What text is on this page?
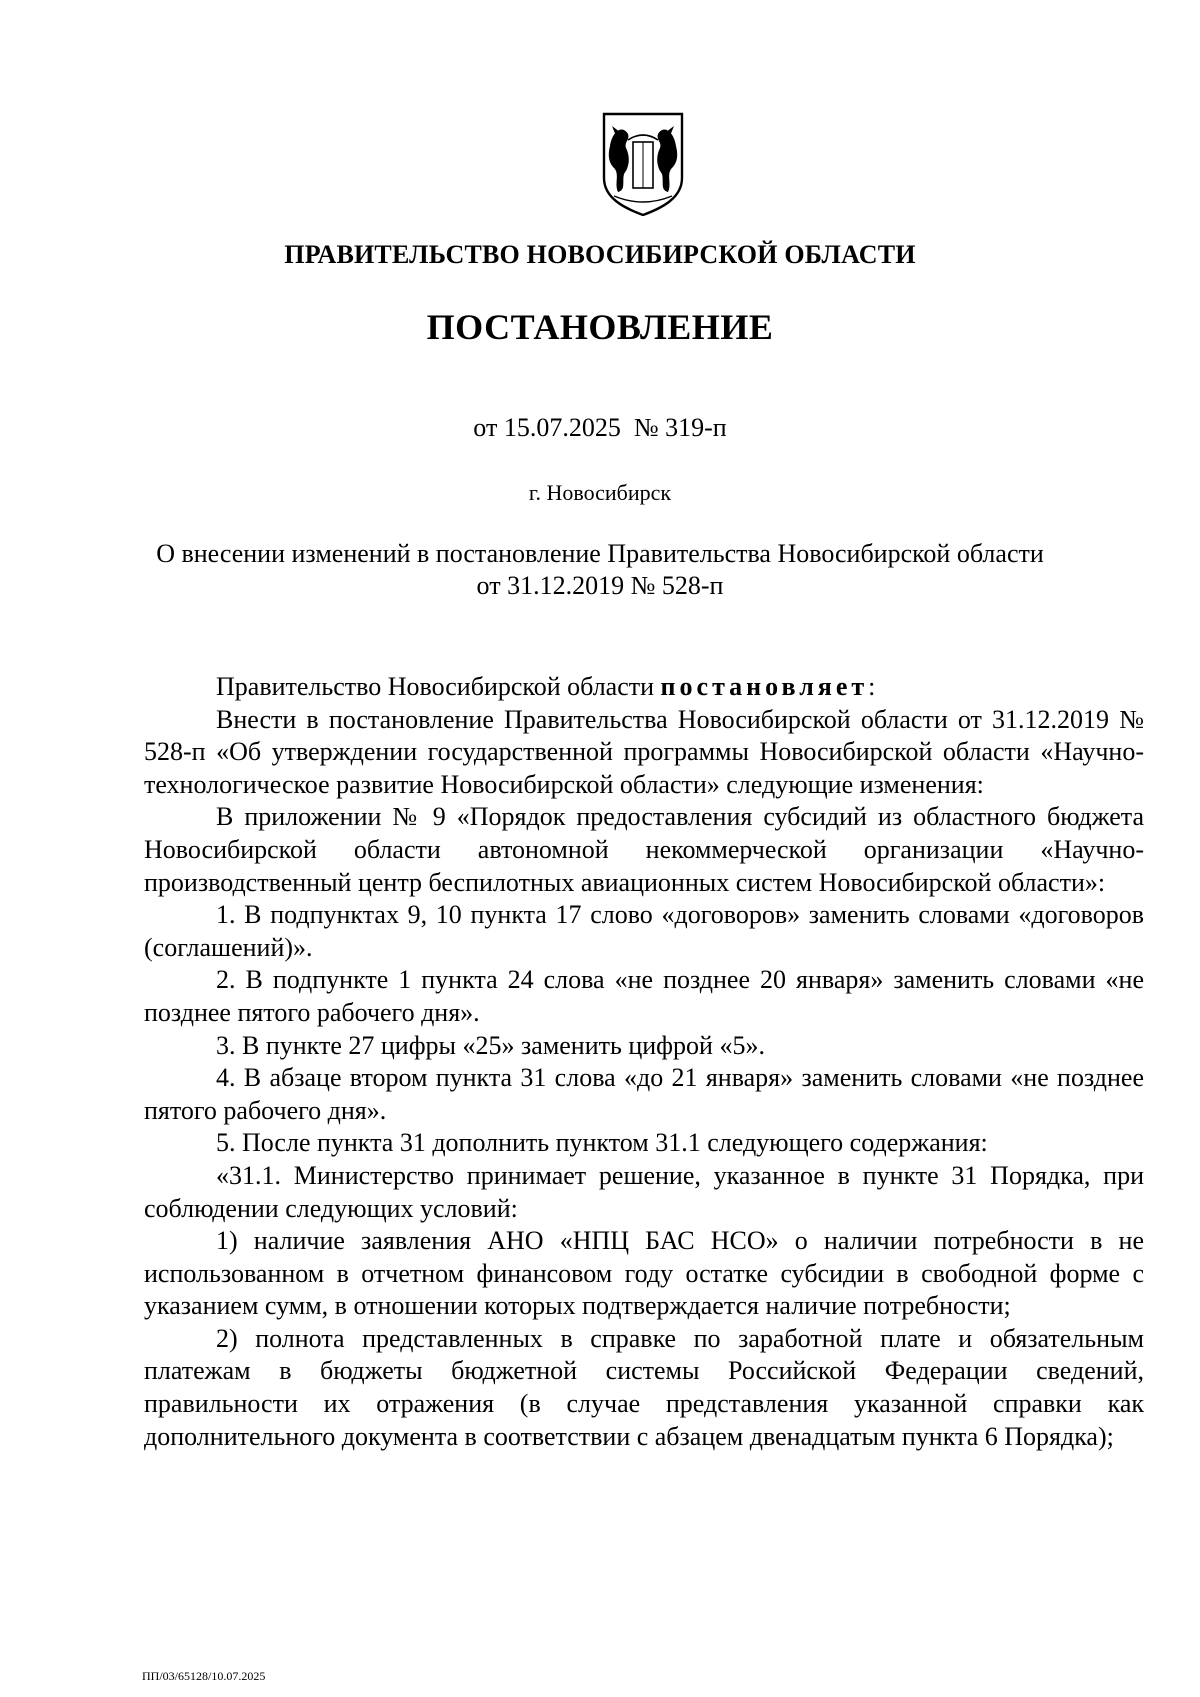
ПРАВИТЕЛЬСТВО НОВОСИБИРСКОЙ ОБЛАСТИ
ПОСТАНОВЛЕНИЕ
от 15.07.2025 № 319-п
г. Новосибирск
О внесении изменений в постановление Правительства Новосибирской области
от 31.12.2019 № 528-п

Правительство Новосибирской области постановляет:

Внести в постановление Правительства Новосибирской области от 31.12.2019 № 528-п «Об утверждении государственной программы Новосибирской области «Научно-технологическое развитие Новосибирской области» следующие изменения:

В приложении № 9 «Порядок предоставления субсидий из областного бюджета Новосибирской области автономной некоммерческой организации «Научно-производственный центр беспилотных авиационных систем Новосибирской области»:

1. В подпунктах 9, 10 пункта 17 слово «договоров» заменить словами «договоров (соглашений)».

2. В подпункте 1 пункта 24 слова «не позднее 20 января» заменить словами «не позднее пятого рабочего дня».

3. В пункте 27 цифры «25» заменить цифрой «5».

4. В абзаце втором пункта 31 слова «до 21 января» заменить словами «не позднее пятого рабочего дня».

5. После пункта 31 дополнить пунктом 31.1 следующего содержания:

«31.1. Министерство принимает решение, указанное в пункте 31 Порядка, при соблюдении следующих условий:

1) наличие заявления АНО «НПЦ БАС НСО» о наличии потребности в не использованном в отчетном финансовом году остатке субсидии в свободной форме с указанием сумм, в отношении которых подтверждается наличие потребности;

2) полнота представленных в справке по заработной плате и обязательным платежам в бюджеты бюджетной системы Российской Федерации сведений, правильности их отражения (в случае представления указанной справки как дополнительного документа в соответствии с абзацем двенадцатым пункта 6 Порядка);

ПП/03/65128/10.07.2025
